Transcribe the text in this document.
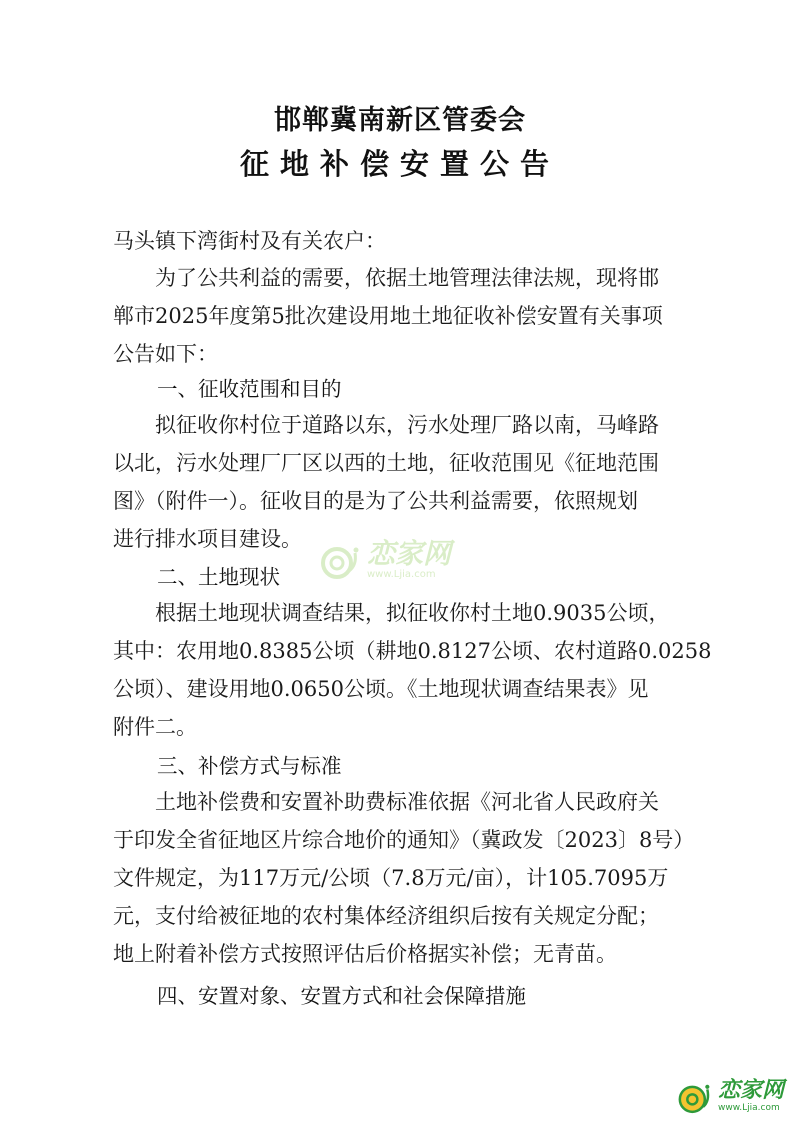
邯郸冀南新区管委会
征地补偿安置公告
马头镇下湾街村及有关农户：
为了公共利益的需要，依据土地管理法律法规，现将邯
郸市2025年度第5批次建设用地土地征收补偿安置有关事项
公告如下：
一、征收范围和目的
拟征收你村位于道路以东，污水处理厂路以南，马峰路
以北，污水处理厂厂区以西的土地，征收范围见《征地范围
图》（附件一）。征收目的是为了公共利益需要，依照规划
进行排水项目建设。
二、土地现状
根据土地现状调查结果，拟征收你村土地0.9035公顷，
其中：农用地0.8385公顷（耕地0.8127公顷、农村道路0.0258
公顷）、建设用地0.0650公顷。《土地现状调查结果表》见
附件二。
三、补偿方式与标准
土地补偿费和安置补助费标准依据《河北省人民政府关
于印发全省征地区片综合地价的通知》（冀政发〔2023〕8号）
文件规定，为117万元/公顷（7.8万元/亩），计105.7095万
元，支付给被征地的农村集体经济组织后按有关规定分配；
地上附着补偿方式按照评估后价格据实补偿；无青苗。
四、安置对象、安置方式和社会保障措施
恋家网
www.Ljia.com
恋家网
www.Ljia.com
